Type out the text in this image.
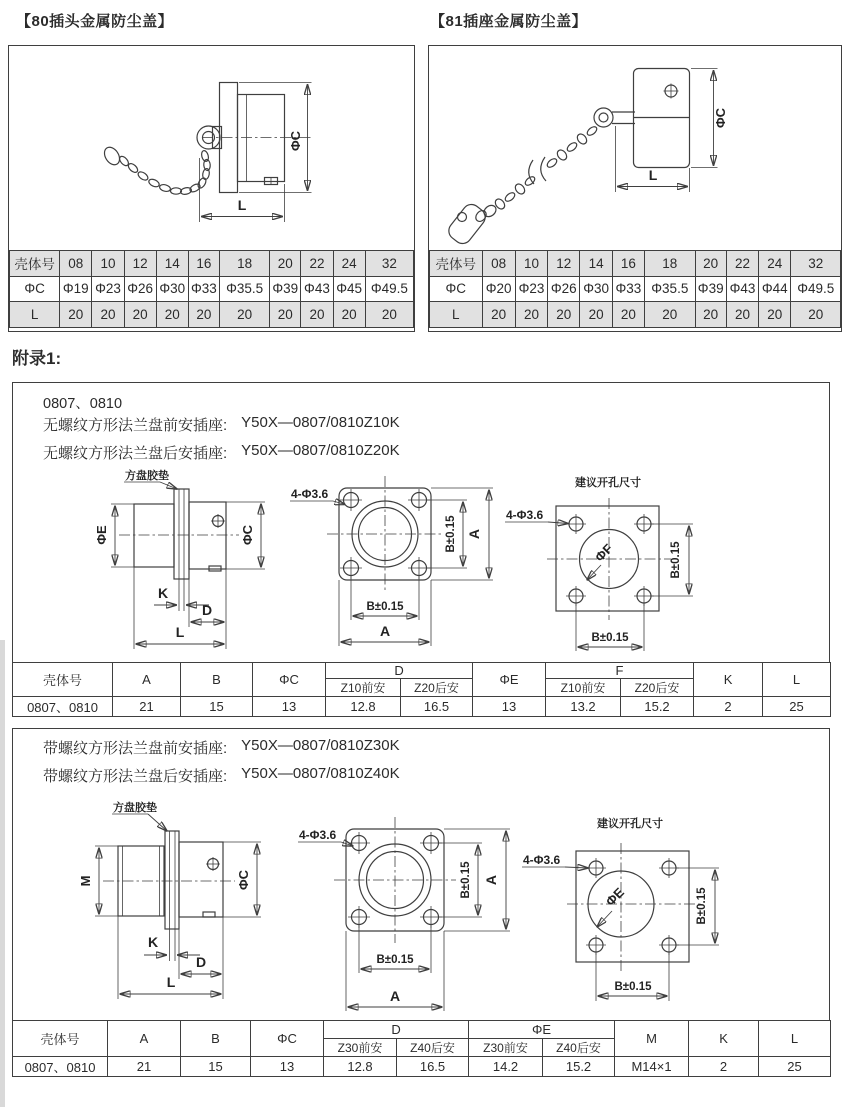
【80插头金属防尘盖】	【81插座金属防尘盖】
ΦC
L
壳体号	08	10	12	14	16	18	20	22	24	32
ΦC	Φ19	Φ23	Φ26	Φ30	Φ33	Φ35.5	Φ39	Φ43	Φ45	Φ49.5
L	20	20	20	20	20	20	20	20	20	20
ΦC
L
壳体号	08	10	12	14	16	18	20	22	24	32
ΦC	Φ20	Φ23	Φ26	Φ30	Φ33	Φ35.5	Φ39	Φ43	Φ44	Φ49.5
L	20	20	20	20	20	20	20	20	20	20
附录1:
0807、0810
无螺纹方形法兰盘前安插座: Y50X—0807/0810Z10K
无螺纹方形法兰盘后安插座: Y50X—0807/0810Z20K
方盘胶垫
ΦE	ΦC
K
D
L
4-Φ3.6
B±0.15 A
B±0.15
A
建议开孔尺寸
ΦF
4-Φ3.6
B±0.15
B±0.15
壳体号	A	B	ΦC	D		ΦE	F		K	L
				Z10前安	Z20后安		Z10前安	Z20后安		
0807、0810	21	15	13	12.8	16.5	13	13.2	15.2	2	25
带螺纹方形法兰盘前安插座: Y50X—0807/0810Z30K
带螺纹方形法兰盘后安插座: Y50X—0807/0810Z40K
方盘胶垫
M	ΦC
K
D
L
4-Φ3.6
B±0.15 A
B±0.15
A
建议开孔尺寸
ΦE
4-Φ3.6
B±0.15
B±0.15
壳体号	A	B	ΦC	D		ΦE		M	K	L
				Z30前安	Z40后安	Z30前安	Z40后安			
0807、0810	21	15	13	12.8	16.5	14.2	15.2	M14×1	2	25
